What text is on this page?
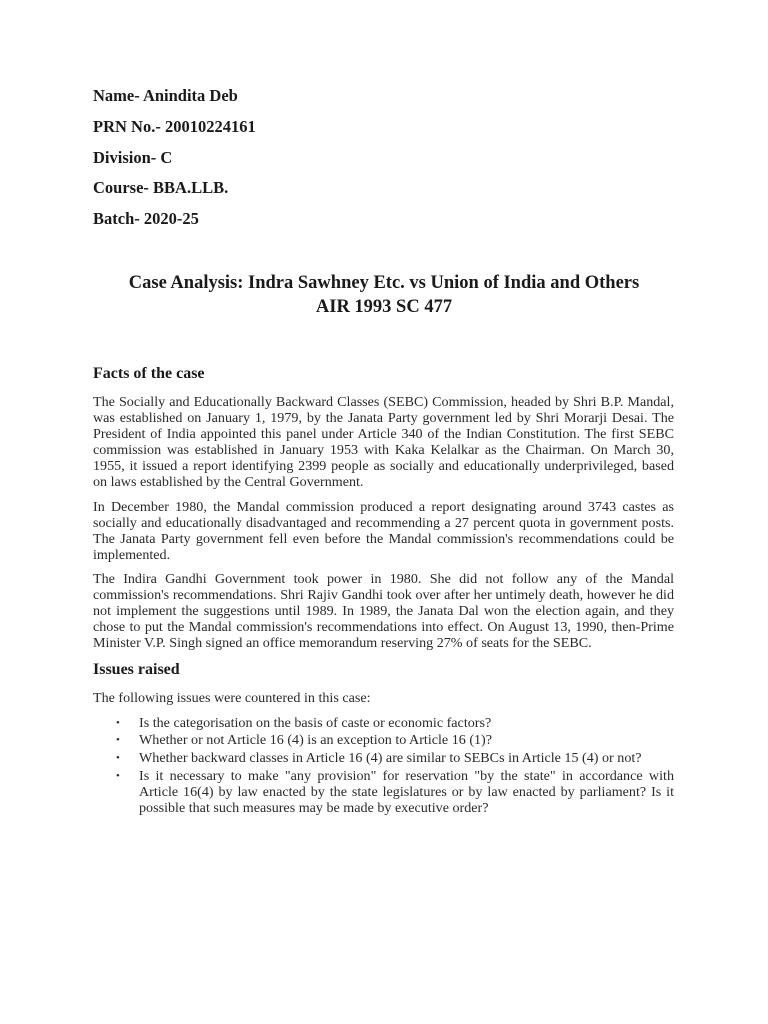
Name- Anindita Deb
PRN No.- 20010224161
Division- C
Course- BBA.LLB.
Batch- 2020-25
Case Analysis: Indra Sawhney Etc. vs Union of India and Others
AIR 1993 SC 477
Facts of the case

The Socially and Educationally Backward Classes (SEBC) Commission, headed by Shri B.P. Mandal, was established on January 1, 1979, by the Janata Party government led by Shri Morarji Desai. The President of India appointed this panel under Article 340 of the Indian Constitution. The first SEBC commission was established in January 1953 with Kaka Kelalkar as the Chairman. On March 30, 1955, it issued a report identifying 2399 people as socially and educationally underprivileged, based on laws established by the Central Government.

In December 1980, the Mandal commission produced a report designating around 3743 castes as socially and educationally disadvantaged and recommending a 27 percent quota in government posts. The Janata Party government fell even before the Mandal commission's recommendations could be implemented.

The Indira Gandhi Government took power in 1980. She did not follow any of the Mandal commission's recommendations. Shri Rajiv Gandhi took over after her untimely death, however he did not implement the suggestions until 1989. In 1989, the Janata Dal won the election again, and they chose to put the Mandal commission's recommendations into effect. On August 13, 1990, then-Prime Minister V.P. Singh signed an office memorandum reserving 27% of seats for the SEBC.

Issues raised

The following issues were countered in this case:

•	Is the categorisation on the basis of caste or economic factors?
•	Whether or not Article 16 (4) is an exception to Article 16 (1)?
•	Whether backward classes in Article 16 (4) are similar to SEBCs in Article 15 (4) or not?
•	Is it necessary to make "any provision" for reservation "by the state" in accordance with Article 16(4) by law enacted by the state legislatures or by law enacted by parliament? Is it possible that such measures may be made by executive order?
